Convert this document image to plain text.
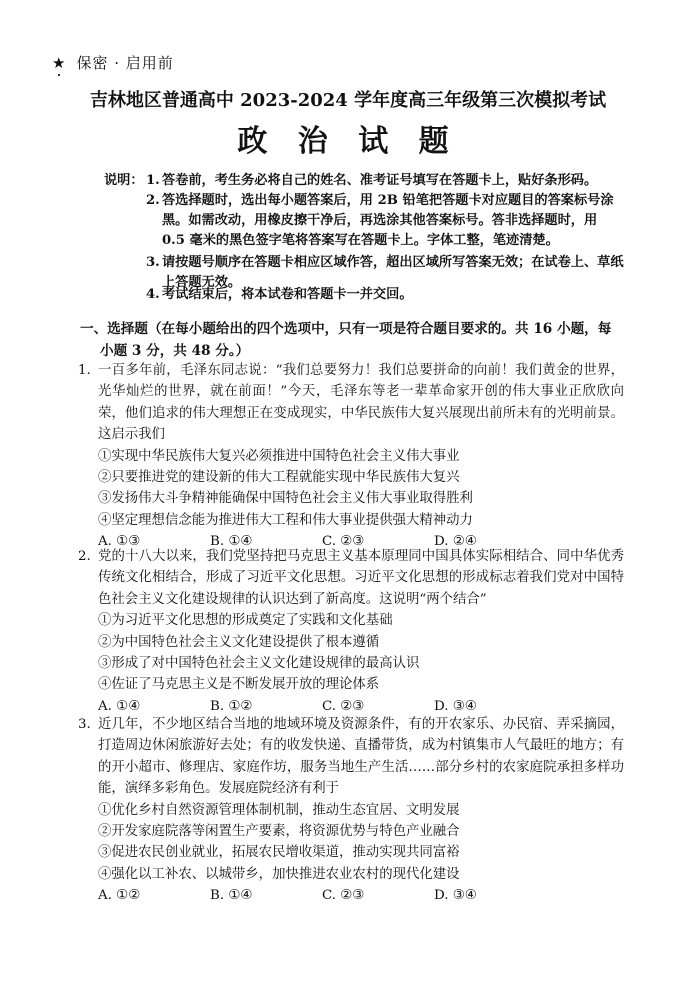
★ 保密 · 启用前
吉林地区普通高中 2023-2024 学年度高三年级第三次模拟考试
政 治 试 题
说明： 1. 答卷前，考生务必将自己的姓名、准考证号填写在答题卡上，贴好条形码。
2. 答选择题时，选出每小题答案后，用 2B 铅笔把答题卡对应题目的答案标号涂黑。如需改动，用橡皮擦干净后，再选涂其他答案标号。答非选择题时，用 0.5 毫米的黑色签字笔将答案写在答题卡上。字体工整，笔迹清楚。
3. 请按题号顺序在答题卡相应区域作答，超出区域所写答案无效；在试卷上、草纸上答题无效。
4. 考试结束后，将本试卷和答题卡一并交回。
一、选择题（在每小题给出的四个选项中，只有一项是符合题目要求的。共 16 小题，每
小题 3 分，共 48 分。）
1. 一百多年前，毛泽东同志说：“我们总要努力！我们总要拼命的向前！我们黄金的世界，光华灿烂的世界，就在前面！”今天，毛泽东等老一辈革命家开创的伟大事业正欣欣向荣，他们追求的伟大理想正在变成现实，中华民族伟大复兴展现出前所未有的光明前景。这启示我们
①实现中华民族伟大复兴必须推进中国特色社会主义伟大事业
②只要推进党的建设新的伟大工程就能实现中华民族伟大复兴
③发扬伟大斗争精神能确保中国特色社会主义伟大事业取得胜利
④坚定理想信念能为推进伟大工程和伟大事业提供强大精神动力
A. ①③	B. ①④	C. ②③	D. ②④
2. 党的十八大以来，我们党坚持把马克思主义基本原理同中国具体实际相结合、同中华优秀传统文化相结合，形成了习近平文化思想。习近平文化思想的形成标志着我们党对中国特色社会主义文化建设规律的认识达到了新高度。这说明“两个结合”
①为习近平文化思想的形成奠定了实践和文化基础
②为中国特色社会主义文化建设提供了根本遵循
③形成了对中国特色社会主义文化建设规律的最高认识
④佐证了马克思主义是不断发展开放的理论体系
A. ①④	B. ①②	C. ②③	D. ③④
3. 近几年，不少地区结合当地的地域环境及资源条件，有的开农家乐、办民宿、弄采摘园，打造周边休闲旅游好去处；有的收发快递、直播带货，成为村镇集市人气最旺的地方；有的开小超市、修理店、家庭作坊，服务当地生产生活……部分乡村的农家庭院承担多样功能，演绎多彩角色。发展庭院经济有利于
①优化乡村自然资源管理体制机制，推动生态宜居、文明发展
②开发家庭院落等闲置生产要素，将资源优势与特色产业融合
③促进农民创业就业，拓展农民增收渠道，推动实现共同富裕
④强化以工补农、以城带乡，加快推进农业农村的现代化建设
A. ①②	B. ①④	C. ②③	D. ③④
